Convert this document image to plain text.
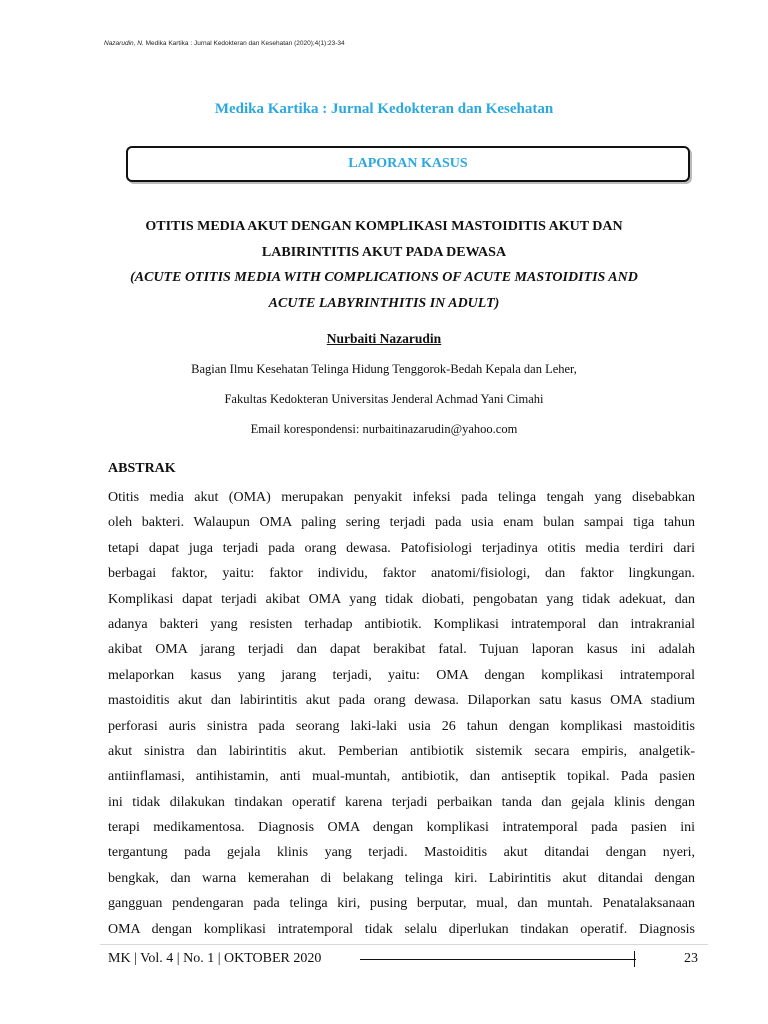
Nazarudin, N. Medika Kartika : Jurnal Kedokteran dan Kesehatan (2020);4(1):23-34
Medika Kartika : Jurnal Kedokteran dan Kesehatan
LAPORAN KASUS
OTITIS MEDIA AKUT DENGAN KOMPLIKASI MASTOIDITIS AKUT DAN
LABIRINTITIS AKUT PADA DEWASA
(ACUTE OTITIS MEDIA WITH COMPLICATIONS OF ACUTE MASTOIDITIS AND
ACUTE LABYRINTHITIS IN ADULT)
Nurbaiti Nazarudin
Bagian Ilmu Kesehatan Telinga Hidung Tenggorok-Bedah Kepala dan Leher,
Fakultas Kedokteran Universitas Jenderal Achmad Yani Cimahi
Email korespondensi: nurbaitinazarudin@yahoo.com
ABSTRAK
Otitis media akut (OMA) merupakan penyakit infeksi pada telinga tengah yang disebabkan
oleh bakteri. Walaupun OMA paling sering terjadi pada usia enam bulan sampai tiga tahun
tetapi dapat juga terjadi pada orang dewasa. Patofisiologi terjadinya otitis media terdiri dari
berbagai faktor, yaitu: faktor individu, faktor anatomi/fisiologi, dan faktor lingkungan.
Komplikasi dapat terjadi akibat OMA yang tidak diobati, pengobatan yang tidak adekuat, dan
adanya bakteri yang resisten terhadap antibiotik. Komplikasi intratemporal dan intrakranial
akibat OMA jarang terjadi dan dapat berakibat fatal. Tujuan laporan kasus ini adalah
melaporkan kasus yang jarang terjadi, yaitu: OMA dengan komplikasi intratemporal
mastoiditis akut dan labirintitis akut pada orang dewasa. Dilaporkan satu kasus OMA stadium
perforasi auris sinistra pada seorang laki-laki usia 26 tahun dengan komplikasi mastoiditis
akut sinistra dan labirintitis akut. Pemberian antibiotik sistemik secara empiris, analgetik-
antiinflamasi, antihistamin, anti mual-muntah, antibiotik, dan antiseptik topikal. Pada pasien
ini tidak dilakukan tindakan operatif karena terjadi perbaikan tanda dan gejala klinis dengan
terapi medikamentosa. Diagnosis OMA dengan komplikasi intratemporal pada pasien ini
tergantung pada gejala klinis yang terjadi. Mastoiditis akut ditandai dengan nyeri,
bengkak, dan warna kemerahan di belakang telinga kiri. Labirintitis akut ditandai dengan
gangguan pendengaran pada telinga kiri, pusing berputar, mual, dan muntah. Penatalaksanaan
OMA dengan komplikasi intratemporal tidak selalu diperlukan tindakan operatif. Diagnosis
MK | Vol. 4 | No. 1 | OKTOBER 2020	23
